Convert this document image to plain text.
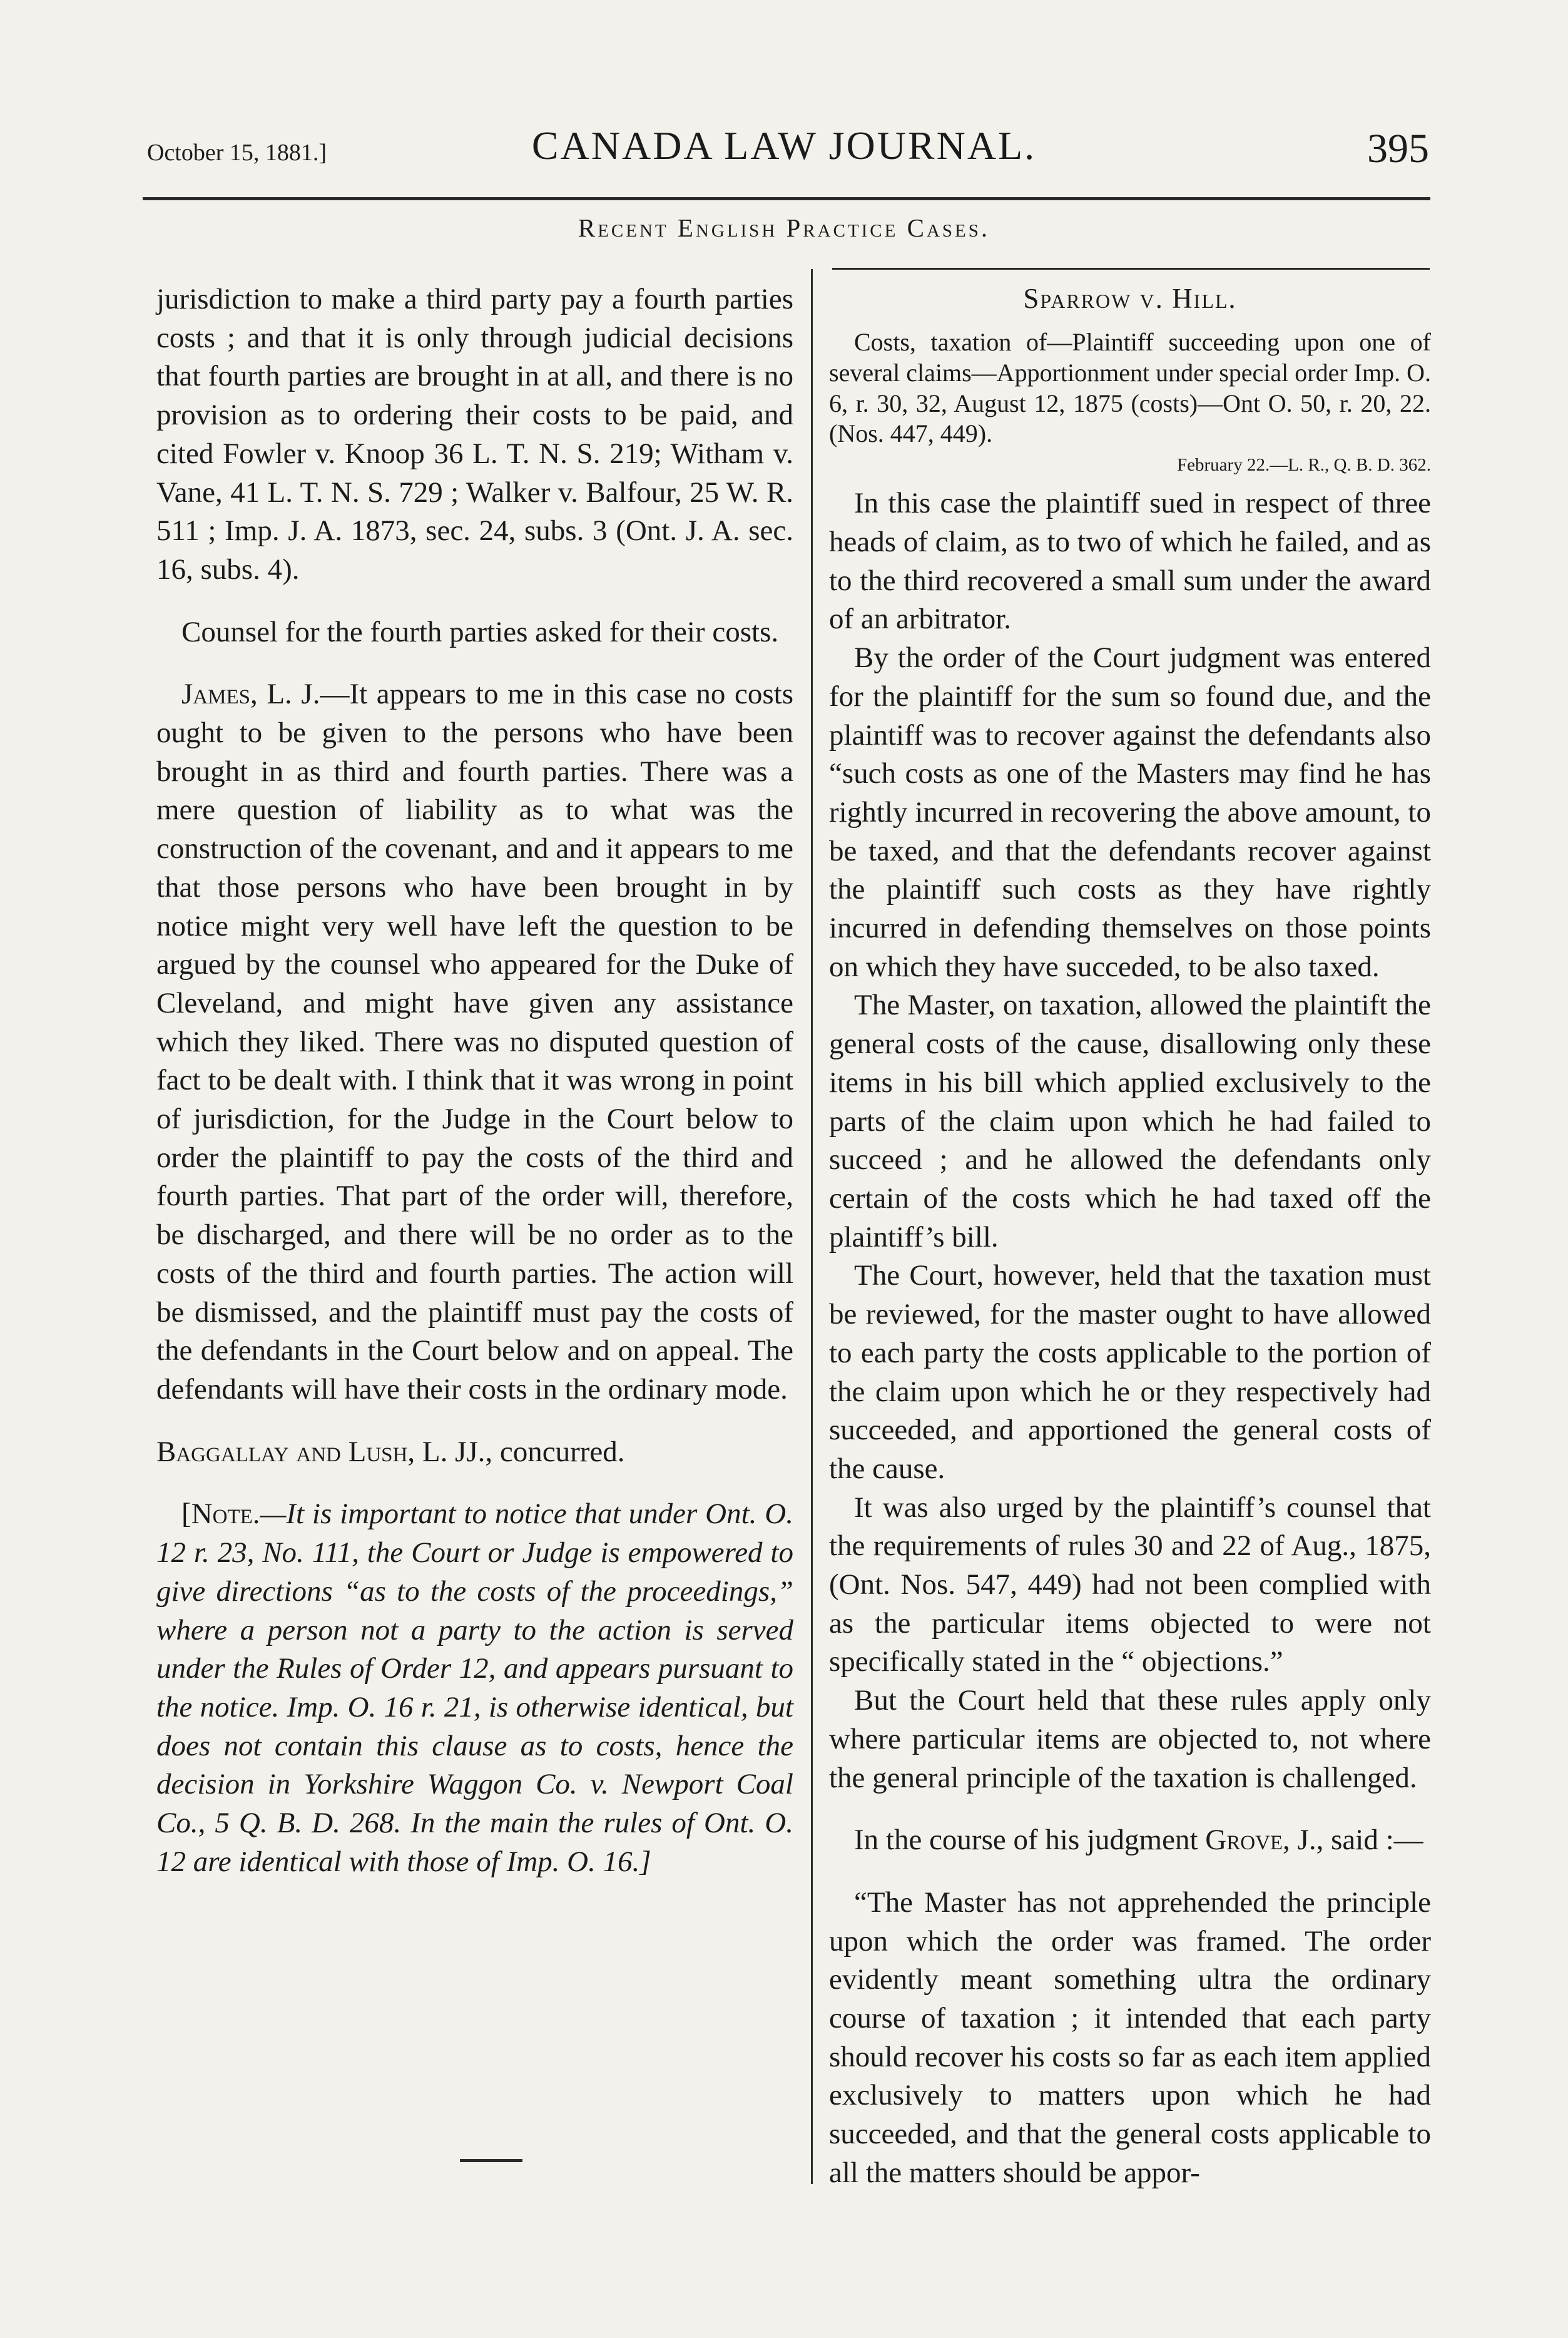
October 15, 1881.]	CANADA LAW JOURNAL.	395
Recent English Practice Cases.

jurisdiction to make a third party pay a fourth parties costs ; and that it is only through judicial decisions that fourth parties are brought in at all, and there is no provision as to ordering their costs to be paid, and cited Fowler v. Knoop 36 L. T. N. S. 219; Witham v. Vane, 41 L. T. N. S. 729 ; Walker v. Balfour, 25 W. R. 511 ; Imp. J. A. 1873, sec. 24, subs. 3 (Ont. J. A. sec. 16, subs. 4).

Counsel for the fourth parties asked for their costs.

James, L. J.—It appears to me in this case no costs ought to be given to the persons who have been brought in as third and fourth parties. There was a mere question of liability as to what was the construction of the covenant, and and it appears to me that those persons who have been brought in by notice might very well have left the question to be argued by the counsel who appeared for the Duke of Cleveland, and might have given any assistance which they liked. There was no disputed question of fact to be dealt with. I think that it was wrong in point of jurisdiction, for the Judge in the Court below to order the plaintiff to pay the costs of the third and fourth parties. That part of the order will, therefore, be discharged, and there will be no order as to the costs of the third and fourth parties. The action will be dismissed, and the plaintiff must pay the costs of the defendants in the Court below and on appeal. The defendants will have their costs in the ordinary mode.

Baggallay and Lush, L. JJ., concurred.

[Note.—It is important to notice that under Ont. O. 12 r. 23, No. 111, the Court or Judge is empowered to give directions “as to the costs of the proceedings,” where a person not a party to the action is served under the Rules of Order 12, and appears pursuant to the notice. Imp. O. 16 r. 21, is otherwise identical, but does not contain this clause as to costs, hence the decision in Yorkshire Waggon Co. v. Newport Coal Co., 5 Q. B. D. 268. In the main the rules of Ont. O. 12 are identical with those of Imp. O. 16.]

Sparrow v. Hill.

Costs, taxation of—Plaintiff succeeding upon one of several claims—Apportionment under special order Imp. O. 6, r. 30, 32, August 12, 1875 (costs)—Ont O. 50, r. 20, 22. (Nos. 447, 449).

February 22.—L. R., Q. B. D. 362.

In this case the plaintiff sued in respect of three heads of claim, as to two of which he failed, and as to the third recovered a small sum under the award of an arbitrator.

By the order of the Court judgment was entered for the plaintiff for the sum so found due, and the plaintiff was to recover against the defendants also “such costs as one of the Masters may find he has rightly incurred in recovering the above amount, to be taxed, and that the defendants recover against the plaintiff such costs as they have rightly incurred in defending themselves on those points on which they have succeded, to be also taxed.

The Master, on taxation, allowed the plaintift the general costs of the cause, disallowing only these items in his bill which applied exclusively to the parts of the claim upon which he had failed to succeed ; and he allowed the defendants only certain of the costs which he had taxed off the plaintiff’s bill.

The Court, however, held that the taxation must be reviewed, for the master ought to have allowed to each party the costs applicable to the portion of the claim upon which he or they respectively had succeeded, and apportioned the general costs of the cause.

It was also urged by the plaintiff’s counsel that the requirements of rules 30 and 22 of Aug., 1875, (Ont. Nos. 547, 449) had not been complied with as the particular items objected to were not specifically stated in the “ objections.”

But the Court held that these rules apply only where particular items are objected to, not where the general principle of the taxation is challenged.

In the course of his judgment Grove, J., said :—

“The Master has not apprehended the principle upon which the order was framed. The order evidently meant something ultra the ordinary course of taxation ; it intended that each party should recover his costs so far as each item applied exclusively to matters upon which he had succeeded, and that the general costs applicable to all the matters should be appor-
